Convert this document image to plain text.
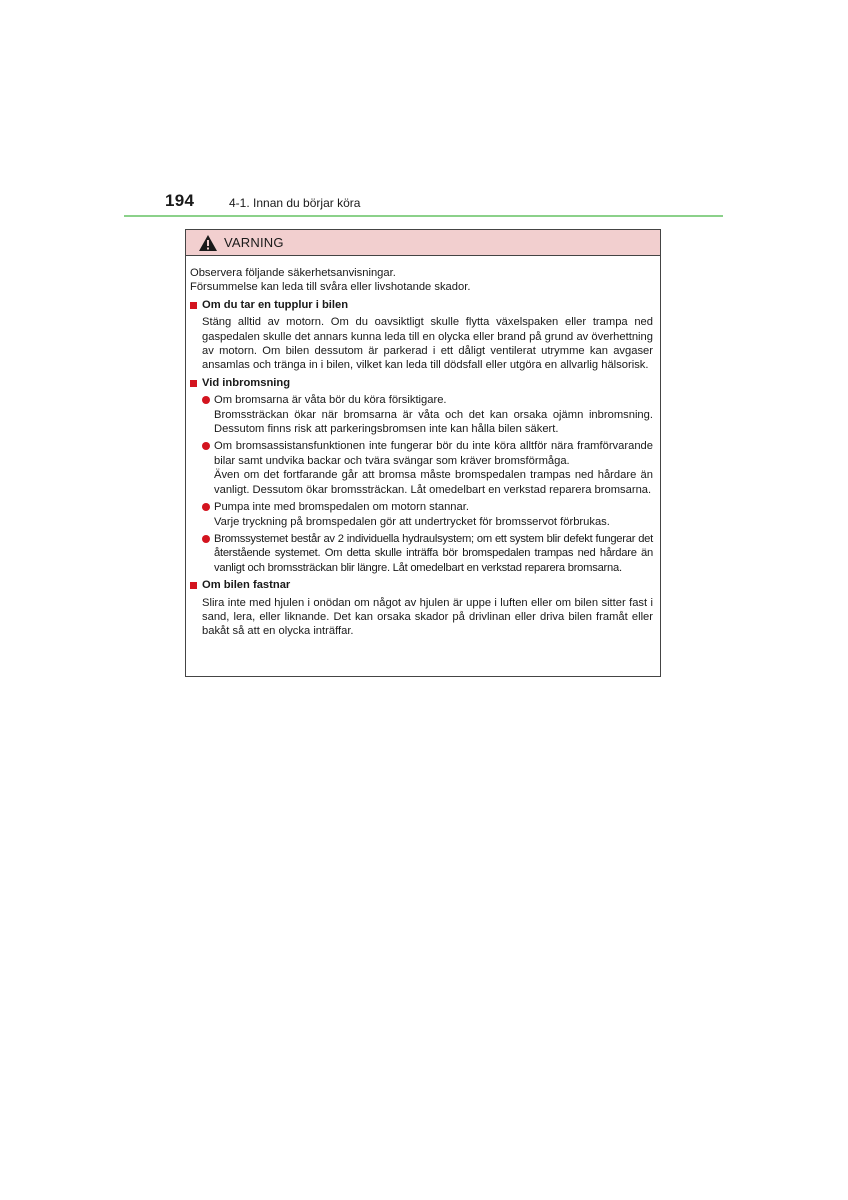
194	4-1. Innan du börjar köra
VARNING
Observera följande säkerhetsanvisningar.
Försummelse kan leda till svåra eller livshotande skador.
Om du tar en tupplur i bilen
Stäng alltid av motorn. Om du oavsiktligt skulle flytta växelspaken eller trampa ned gaspedalen skulle det annars kunna leda till en olycka eller brand på grund av överhettning av motorn. Om bilen dessutom är parkerad i ett dåligt ventilerat utrymme kan avgaser ansamlas och tränga in i bilen, vilket kan leda till dödsfall eller utgöra en allvarlig hälsorisk.
Vid inbromsning
Om bromsarna är våta bör du köra försiktigare.
Bromssträckan ökar när bromsarna är våta och det kan orsaka ojämn inbromsning. Dessutom finns risk att parkeringsbromsen inte kan hålla bilen säkert.
Om bromsassistansfunktionen inte fungerar bör du inte köra alltför nära framförvarande bilar samt undvika backar och tvära svängar som kräver bromsförmåga.
Även om det fortfarande går att bromsa måste bromspedalen trampas ned hårdare än vanligt. Dessutom ökar bromssträckan. Låt omedelbart en verkstad reparera bromsarna.
Pumpa inte med bromspedalen om motorn stannar.
Varje tryckning på bromspedalen gör att undertrycket för bromsservot förbrukas.
Bromssystemet består av 2 individuella hydraulsystem; om ett system blir defekt fungerar det återstående systemet. Om detta skulle inträffa bör bromspedalen trampas ned hårdare än vanligt och bromssträckan blir längre. Låt omedelbart en verkstad reparera bromsarna.
Om bilen fastnar
Slira inte med hjulen i onödan om något av hjulen är uppe i luften eller om bilen sitter fast i sand, lera, eller liknande. Det kan orsaka skador på drivlinan eller driva bilen framåt eller bakåt så att en olycka inträffar.
